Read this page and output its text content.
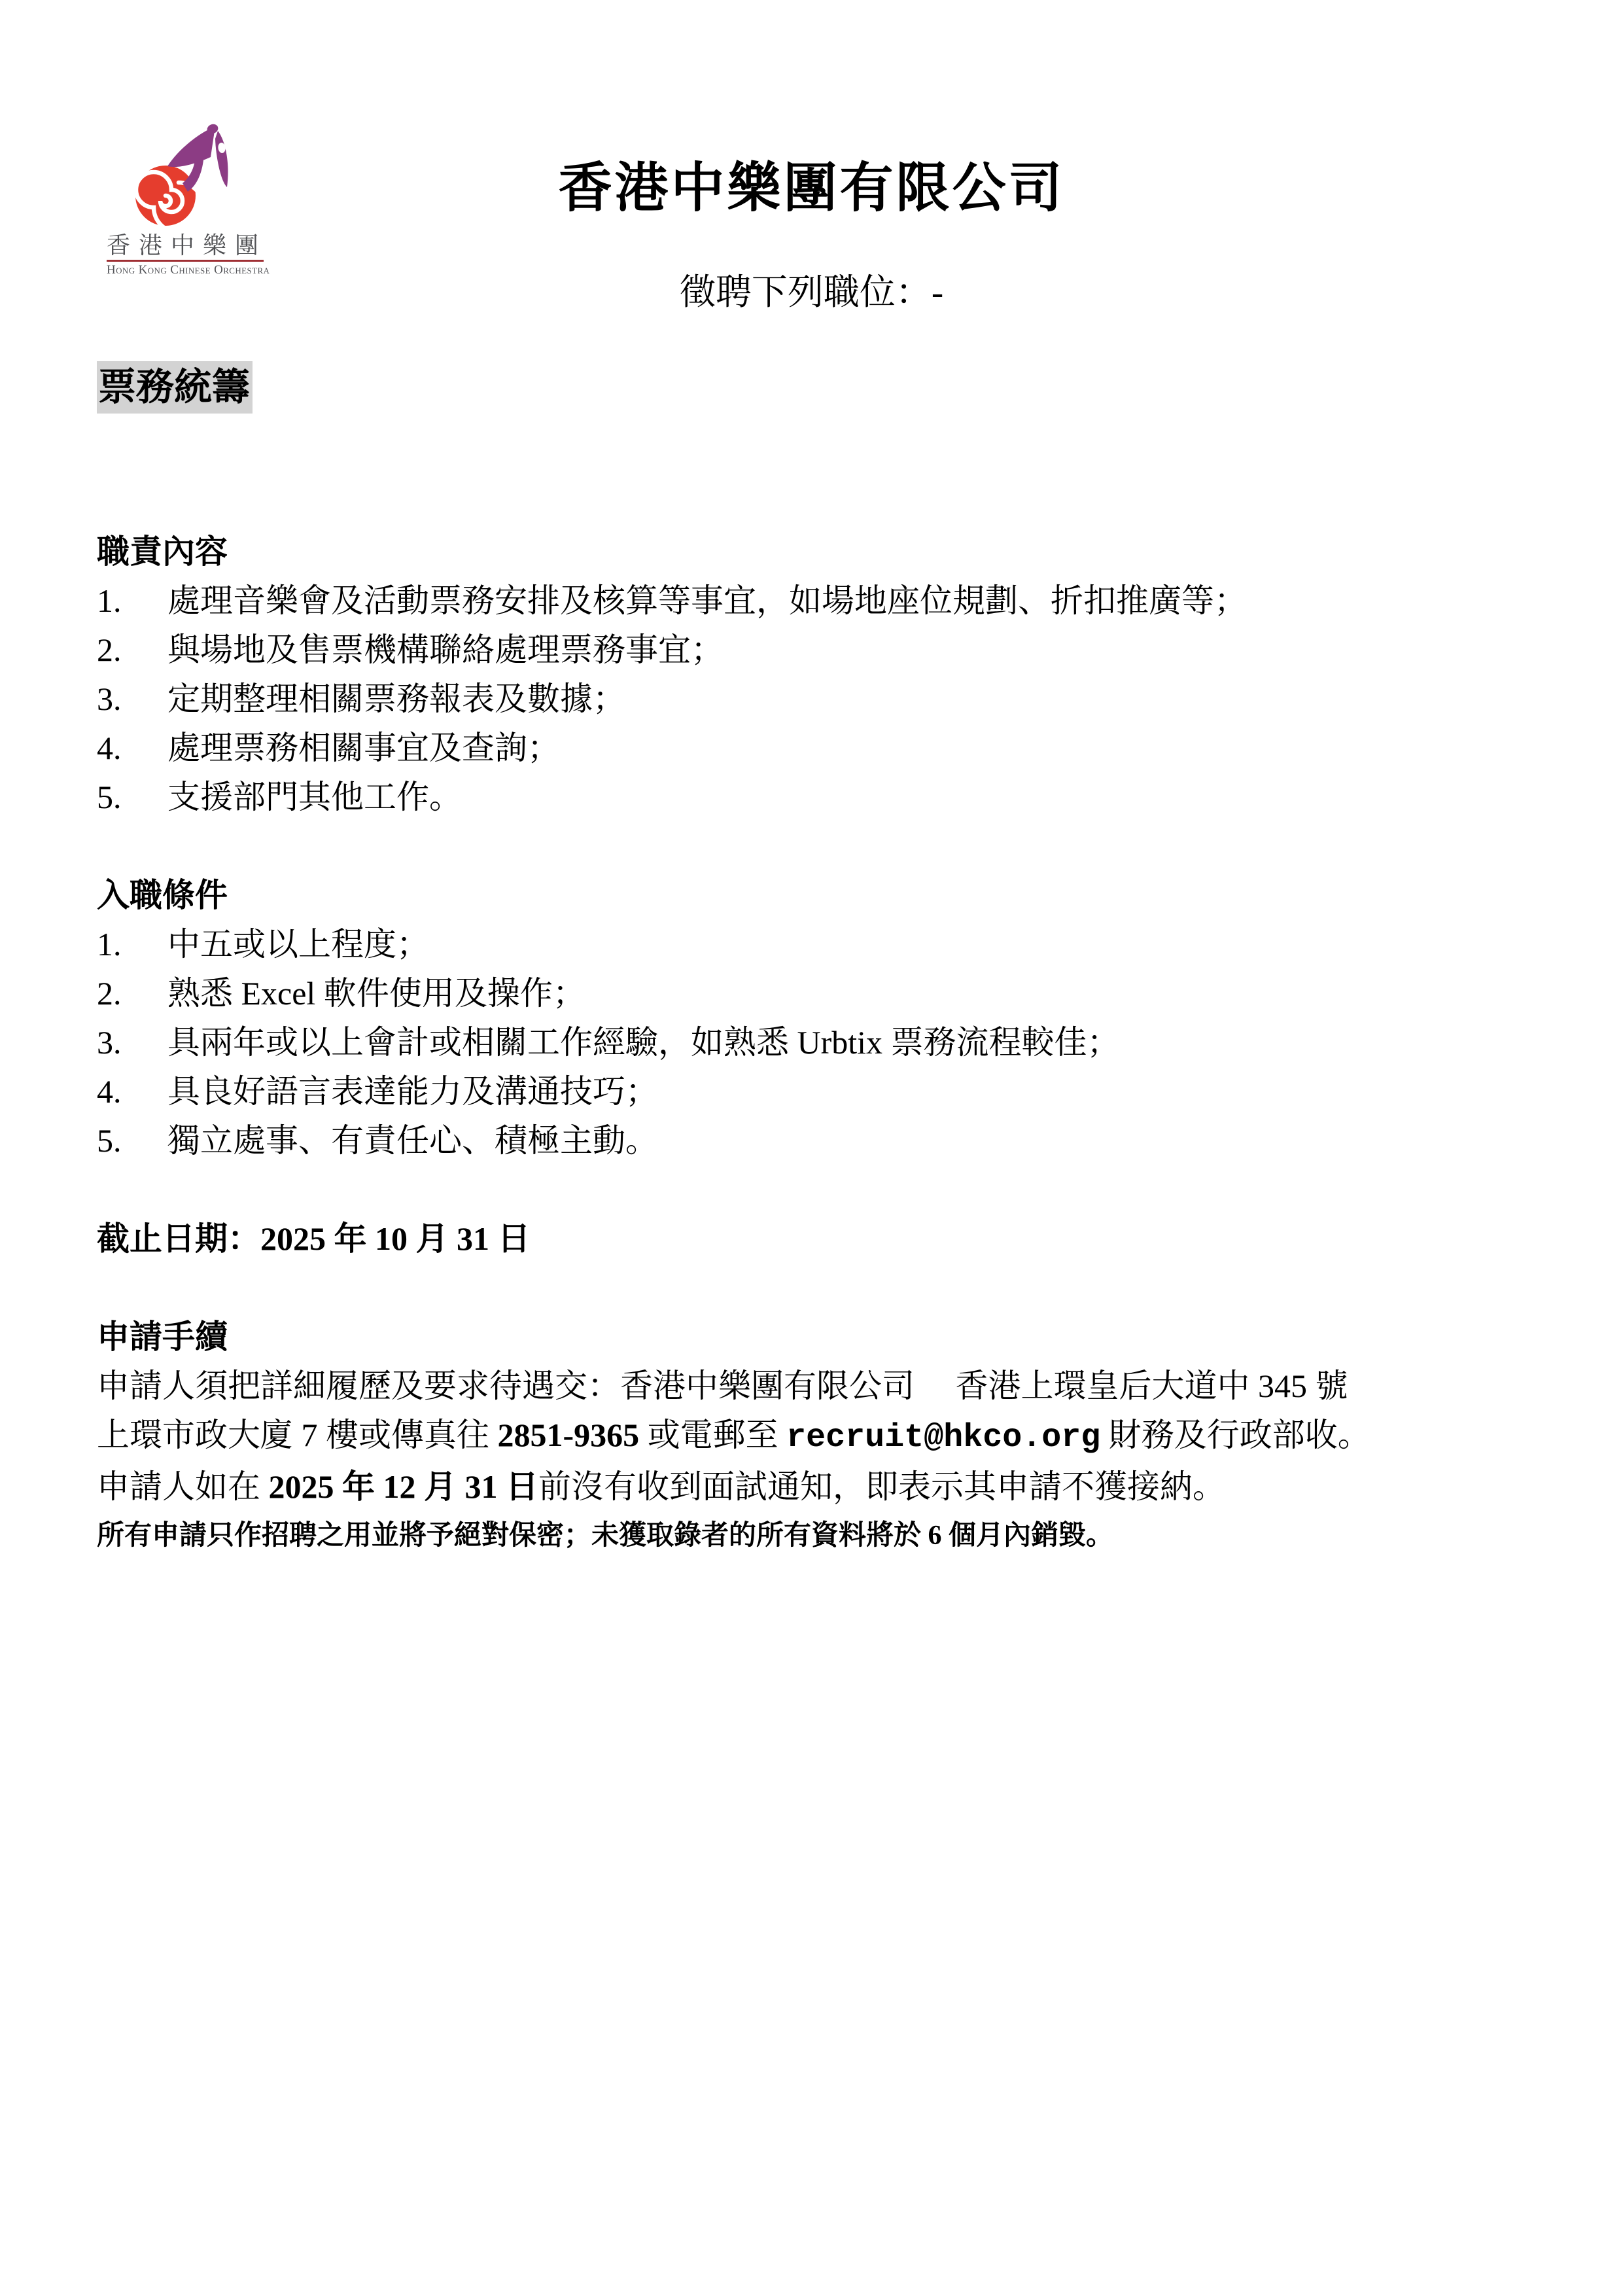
香港中樂團
Hong Kong Chinese Orchestra
香港中樂團有限公司
徵聘下列職位：-
票務統籌
職責內容
1. 處理音樂會及活動票務安排及核算等事宜，如場地座位規劃、折扣推廣等；
2. 與場地及售票機構聯絡處理票務事宜；
3. 定期整理相關票務報表及數據；
4. 處理票務相關事宜及查詢；
5. 支援部門其他工作。
入職條件
1. 中五或以上程度；
2. 熟悉 Excel 軟件使用及操作；
3. 具兩年或以上會計或相關工作經驗，如熟悉 Urbtix 票務流程較佳；
4. 具良好語言表達能力及溝通技巧；
5. 獨立處事、有責任心、積極主動。
截止日期：2025 年 10 月 31 日
申請手續
申請人須把詳細履歷及要求待遇交：香港中樂團有限公司　 香港上環皇后大道中 345 號
上環市政大廈 7 樓或傳真往 2851-9365 或電郵至 recruit@hkco.org 財務及行政部收。
申請人如在 2025 年 12 月 31 日前沒有收到面試通知，即表示其申請不獲接納。
所有申請只作招聘之用並將予絕對保密；未獲取錄者的所有資料將於 6 個月內銷毀。
